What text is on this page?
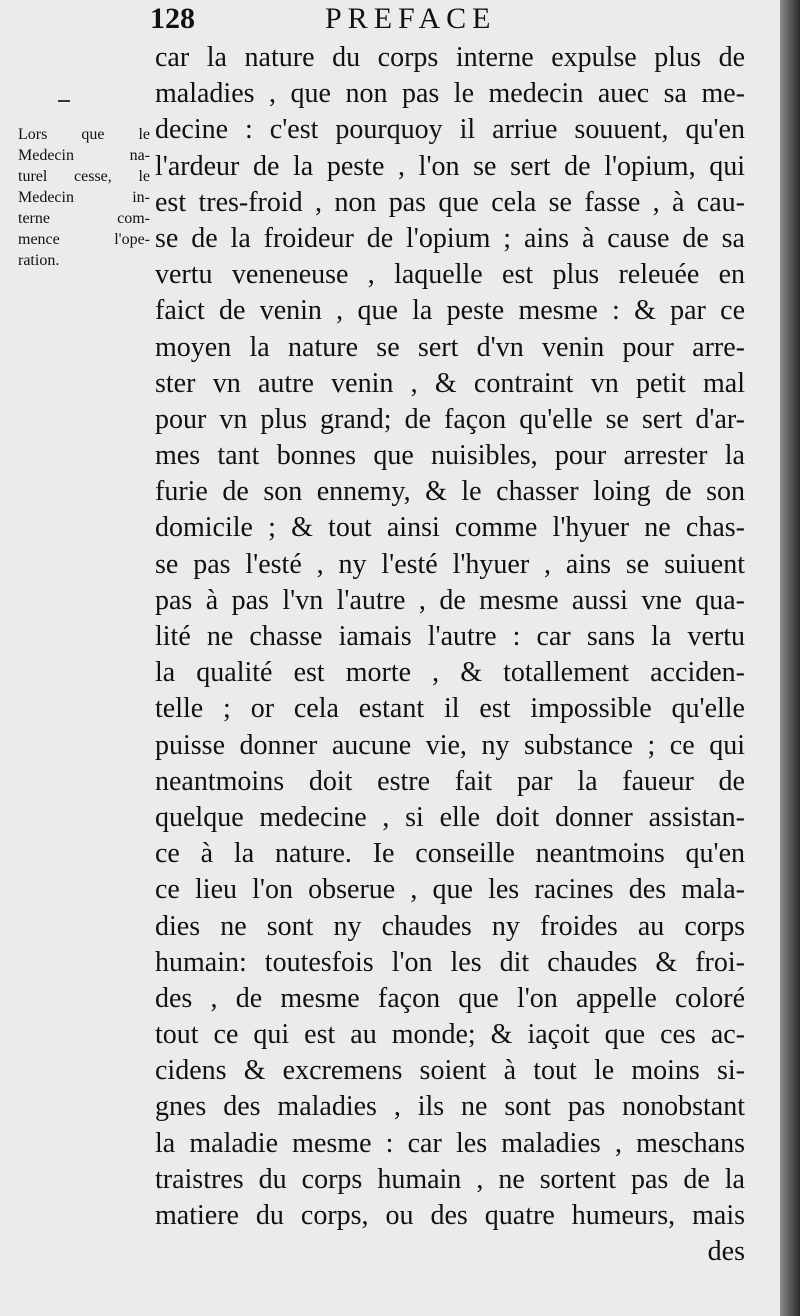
128	PREFACE
Lors que le
Medecin na-
turel cesse, le
Medecin in-
terne com-
mence l'ope-
ration.
car la nature du corps interne expulse plus de
maladies , que non pas le medecin auec sa me-
decine : c'est pourquoy il arriue souuent, qu'en
l'ardeur de la peste , l'on se sert de l'opium, qui
est tres-froid , non pas que cela se fasse , à cau-
se de la froideur de l'opium ; ains à cause de sa
vertu veneneuse , laquelle est plus releuée en
faict de venin , que la peste mesme : & par ce
moyen la nature se sert d'vn venin pour arre-
ster vn autre venin , & contraint vn petit mal
pour vn plus grand; de façon qu'elle se sert d'ar-
mes tant bonnes que nuisibles, pour arrester la
furie de son ennemy, & le chasser loing de son
domicile ; & tout ainsi comme l'hyuer ne chas-
se pas l'esté , ny l'esté l'hyuer , ains se suiuent
pas à pas l'vn l'autre , de mesme aussi vne qua-
lité ne chasse iamais l'autre : car sans la vertu
la qualité est morte , & totallement acciden-
telle ; or cela estant il est impossible qu'elle
puisse donner aucune vie, ny substance ; ce qui
neantmoins doit estre fait par la faueur de
quelque medecine , si elle doit donner assistan-
ce à la nature. Ie conseille neantmoins qu'en
ce lieu l'on obserue , que les racines des mala-
dies ne sont ny chaudes ny froides au corps
humain: toutesfois l'on les dit chaudes & froi-
des , de mesme façon que l'on appelle coloré
tout ce qui est au monde; & iaçoit que ces ac-
cidens & excremens soient à tout le moins si-
gnes des maladies , ils ne sont pas nonobstant
la maladie mesme : car les maladies , meschans
traistres du corps humain , ne sortent pas de la
matiere du corps, ou des quatre humeurs, mais
des
